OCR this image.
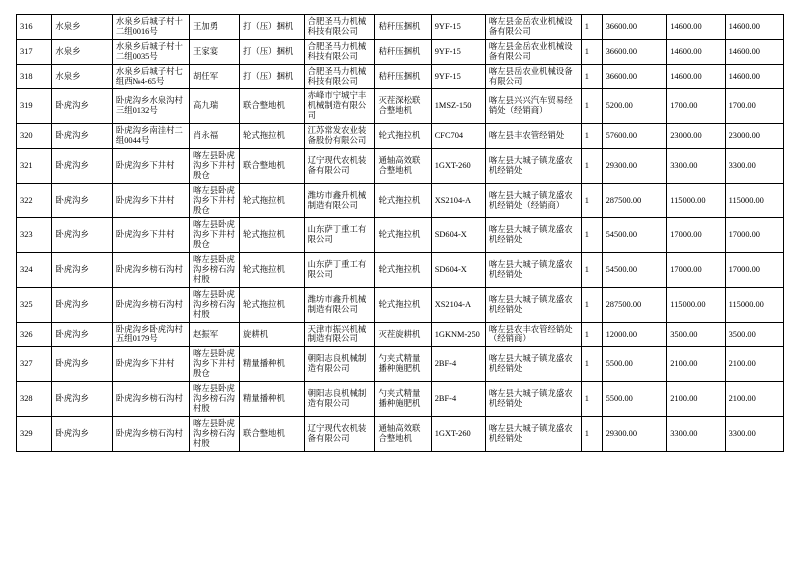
316	水泉乡	水泉乡后城子村十二组0016号	王加勇	打（压）捆机	合肥圣马力机械科技有限公司	秸秆压捆机	9YF-15	喀左县金岳农业机械设备有限公司	1	36600.00	14600.00	14600.00
317	水泉乡	水泉乡后城子村十二组0035号	王家宴	打（压）捆机	合肥圣马力机械科技有限公司	秸秆压捆机	9YF-15	喀左县金岳农业机械设备有限公司	1	36600.00	14600.00	14600.00
318	水泉乡	水泉乡后城子村七组西№4-65号	胡任军	打（压）捆机	合肥圣马力机械科技有限公司	秸秆压捆机	9YF-15	喀左县岳农业机械设备有限公司	1	36600.00	14600.00	14600.00
319	卧虎沟乡	卧虎沟乡水泉沟村三组0132号	高九瑞	联合整地机	赤峰市宁城宁丰机械制造有限公司	灭茬深松联合整地机	1MSZ-150	喀左县兴兴汽车贸易经销处（经销商）	1	5200.00	1700.00	1700.00
320	卧虎沟乡	卧虎沟乡南洼村二组0044号	肖永福	轮式拖拉机	江苏常发农业装备股份有限公司	轮式拖拉机	CFC704	喀左县丰农管经销处	1	57600.00	23000.00	23000.00
321	卧虎沟乡	卧虎沟乡下井村	喀左县卧虎沟乡下井村殷仓	联合整地机	辽宁现代农机装备有限公司	通轴高效联合整地机	1GXT-260	喀左县大城子镇龙盛农机经销处	1	29300.00	3300.00	3300.00
322	卧虎沟乡	卧虎沟乡下井村	喀左县卧虎沟乡下井村殷仓	轮式拖拉机	潍坊市鑫升机械制造有限公司	轮式拖拉机	XS2104-A	喀左县大城子镇龙盛农机经销处（经销商）	1	287500.00	115000.00	115000.00
323	卧虎沟乡	卧虎沟乡下井村	喀左县卧虎沟乡下井村殷仓	轮式拖拉机	山东萨丁重工有限公司	轮式拖拉机	SD604-X	喀左县大城子镇龙盛农机经销处	1	54500.00	17000.00	17000.00
324	卧虎沟乡	卧虎沟乡榜石沟村	喀左县卧虎沟乡榜石沟村殷	轮式拖拉机	山东萨丁重工有限公司	轮式拖拉机	SD604-X	喀左县大城子镇龙盛农机经销处	1	54500.00	17000.00	17000.00
325	卧虎沟乡	卧虎沟乡榜石沟村	喀左县卧虎沟乡榜石沟村殷	轮式拖拉机	潍坊市鑫升机械制造有限公司	轮式拖拉机	XS2104-A	喀左县大城子镇龙盛农机经销处	1	287500.00	115000.00	115000.00
326	卧虎沟乡	卧虎沟乡卧虎沟村五组0179号	赵振军	旋耕机	天津市振兴机械制造有限公司	灭茬旋耕机	1GKNM-250	喀左县农丰农管经销处（经销商）	1	12000.00	3500.00	3500.00
327	卧虎沟乡	卧虎沟乡下井村	喀左县卧虎沟乡下井村殷仓	精量播种机	朝阳志良机械制造有限公司	勺夹式精量播种施肥机	2BF-4	喀左县大城子镇龙盛农机经销处	1	5500.00	2100.00	2100.00
328	卧虎沟乡	卧虎沟乡榜石沟村	喀左县卧虎沟乡榜石沟村殷	精量播种机	朝阳志良机械制造有限公司	勺夹式精量播种施肥机	2BF-4	喀左县大城子镇龙盛农机经销处	1	5500.00	2100.00	2100.00
329	卧虎沟乡	卧虎沟乡榜石沟村	喀左县卧虎沟乡榜石沟村殷	联合整地机	辽宁现代农机装备有限公司	通轴高效联合整地机	1GXT-260	喀左县大城子镇龙盛农机经销处	1	29300.00	3300.00	3300.00
